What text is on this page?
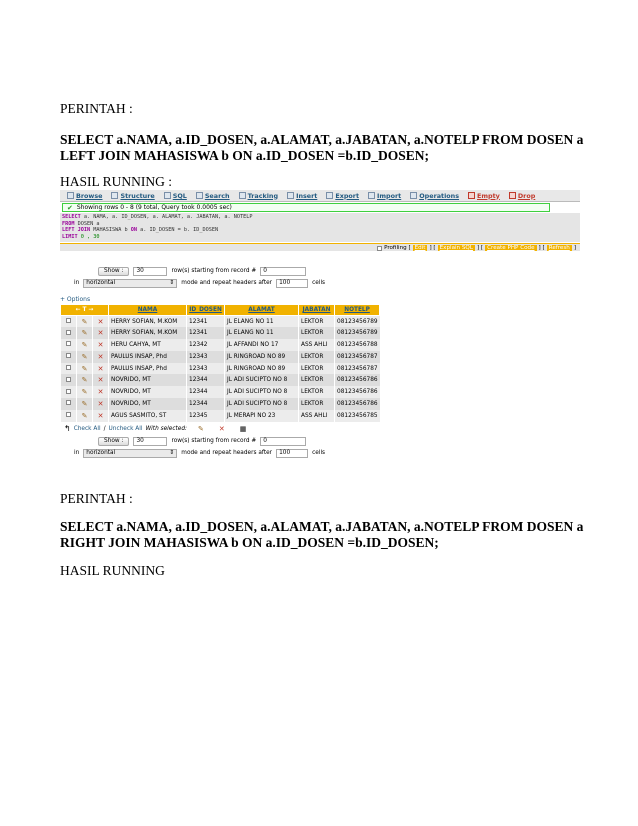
PERINTAH :
SELECT a.NAMA, a.ID_DOSEN, a.ALAMAT, a.JABATAN, a.NOTELP FROM DOSEN a
LEFT JOIN MAHASISWA b ON a.ID_DOSEN =b.ID_DOSEN;
HASIL RUNNING :
Browse	Structure	SQL	Search	Tracking	Insert	Export	Import	Operations	Empty	Drop
✔ Showing rows 0 - 8 (9 total, Query took 0.0005 sec)
SELECT a. NAMA, a. ID_DOSEN, a. ALAMAT, a. JABATAN, a. NOTELP
FROM DOSEN a
LEFT JOIN MAHASISWA b ON a. ID_DOSEN = b. ID_DOSEN
LIMIT 0 , 30
Profiling [ Edit ] [ Explain SQL ] [ Create PHP Code ] [ Refresh ]
Show :	30	row(s) starting from record #	0
in horizontal	⇕ mode and repeat headers after	100	cells
+ Options
← T →			NAMA	ID_DOSEN	ALAMAT	JABATAN	NOTELP
	✎	✕	HERRY SOFIAN, M.KOM	12341	JL ELANG NO 11	LEKTOR	08123456789
	✎	✕	HERRY SOFIAN, M.KOM	12341	JL ELANG NO 11	LEKTOR	08123456789
	✎	✕	HERU CAHYA, MT	12342	JL AFFANDI NO 17	ASS AHLI	08123456788
	✎	✕	PAULUS INSAP, Phd	12343	JL RINGROAD NO 89	LEKTOR	08123456787
	✎	✕	PAULUS INSAP, Phd	12343	JL RINGROAD NO 89	LEKTOR	08123456787
	✎	✕	NOVRIDO, MT	12344	JL ADI SUCIPTO NO 8	LEKTOR	08123456786
	✎	✕	NOVRIDO, MT	12344	JL ADI SUCIPTO NO 8	LEKTOR	08123456786
	✎	✕	NOVRIDO, MT	12344	JL ADI SUCIPTO NO 8	LEKTOR	08123456786
	✎	✕	AGUS SASMITO, ST	12345	JL MERAPI NO 23	ASS AHLI	08123456785
↰ Check All / Uncheck All With selected: ✎ ✕ ▦
Show :	30	row(s) starting from record #	0
in horizontal	⇕ mode and repeat headers after	100	cells
PERINTAH :
SELECT a.NAMA, a.ID_DOSEN, a.ALAMAT, a.JABATAN, a.NOTELP FROM DOSEN a
RIGHT JOIN MAHASISWA b ON a.ID_DOSEN =b.ID_DOSEN;
HASIL RUNNING
